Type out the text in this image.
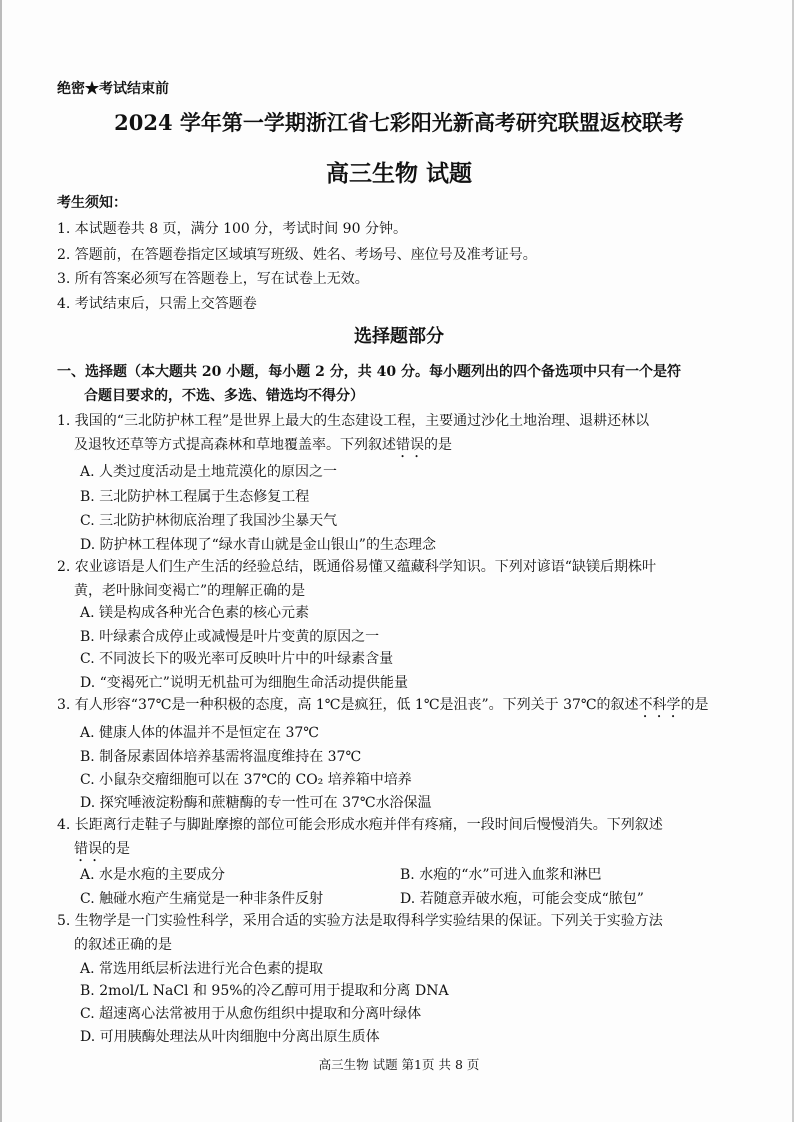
绝密★考试结束前
2024 学年第一学期浙江省七彩阳光新高考研究联盟返校联考
高三生物 试题
考生须知：
1. 本试题卷共 8 页，满分 100 分，考试时间 90 分钟。
2. 答题前，在答题卷指定区域填写班级、姓名、考场号、座位号及准考证号。
3. 所有答案必须写在答题卷上，写在试卷上无效。
4. 考试结束后，只需上交答题卷
选择题部分
一、选择题（本大题共 20 小题，每小题 2 分，共 40 分。每小题列出的四个备选项中只有一个是符
合题目要求的，不选、多选、错选均不得分）
1. 我国的“三北防护林工程”是世界上最大的生态建设工程，主要通过沙化土地治理、退耕还林以
及退牧还草等方式提高森林和草地覆盖率。下列叙述错误的是
A. 人类过度活动是土地荒漠化的原因之一
B. 三北防护林工程属于生态修复工程
C. 三北防护林彻底治理了我国沙尘暴天气
D. 防护林工程体现了“绿水青山就是金山银山”的生态理念
2. 农业谚语是人们生产生活的经验总结，既通俗易懂又蕴藏科学知识。下列对谚语“缺镁后期株叶
黄，老叶脉间变褐亡”的理解正确的是
A. 镁是构成各种光合色素的核心元素
B. 叶绿素合成停止或减慢是叶片变黄的原因之一
C. 不同波长下的吸光率可反映叶片中的叶绿素含量
D. “变褐死亡”说明无机盐可为细胞生命活动提供能量
3. 有人形容“37℃是一种积极的态度，高 1℃是疯狂，低 1℃是沮丧”。下列关于 37℃的叙述不科学的是
A. 健康人体的体温并不是恒定在 37℃
B. 制备尿素固体培养基需将温度维持在 37℃
C. 小鼠杂交瘤细胞可以在 37℃的 CO₂ 培养箱中培养
D. 探究唾液淀粉酶和蔗糖酶的专一性可在 37℃水浴保温
4. 长距离行走鞋子与脚趾摩擦的部位可能会形成水疱并伴有疼痛，一段时间后慢慢消失。下列叙述
错误的是
A. 水是水疱的主要成分	B. 水疱的“水”可进入血浆和淋巴
C. 触碰水疱产生痛觉是一种非条件反射	D. 若随意弄破水疱，可能会变成“脓包”
5. 生物学是一门实验性科学，采用合适的实验方法是取得科学实验结果的保证。下列关于实验方法
的叙述正确的是
A. 常选用纸层析法进行光合色素的提取
B. 2mol/L NaCl 和 95%的冷乙醇可用于提取和分离 DNA
C. 超速离心法常被用于从愈伤组织中提取和分离叶绿体
D. 可用胰酶处理法从叶肉细胞中分离出原生质体
高三生物 试题 第1页 共 8 页
